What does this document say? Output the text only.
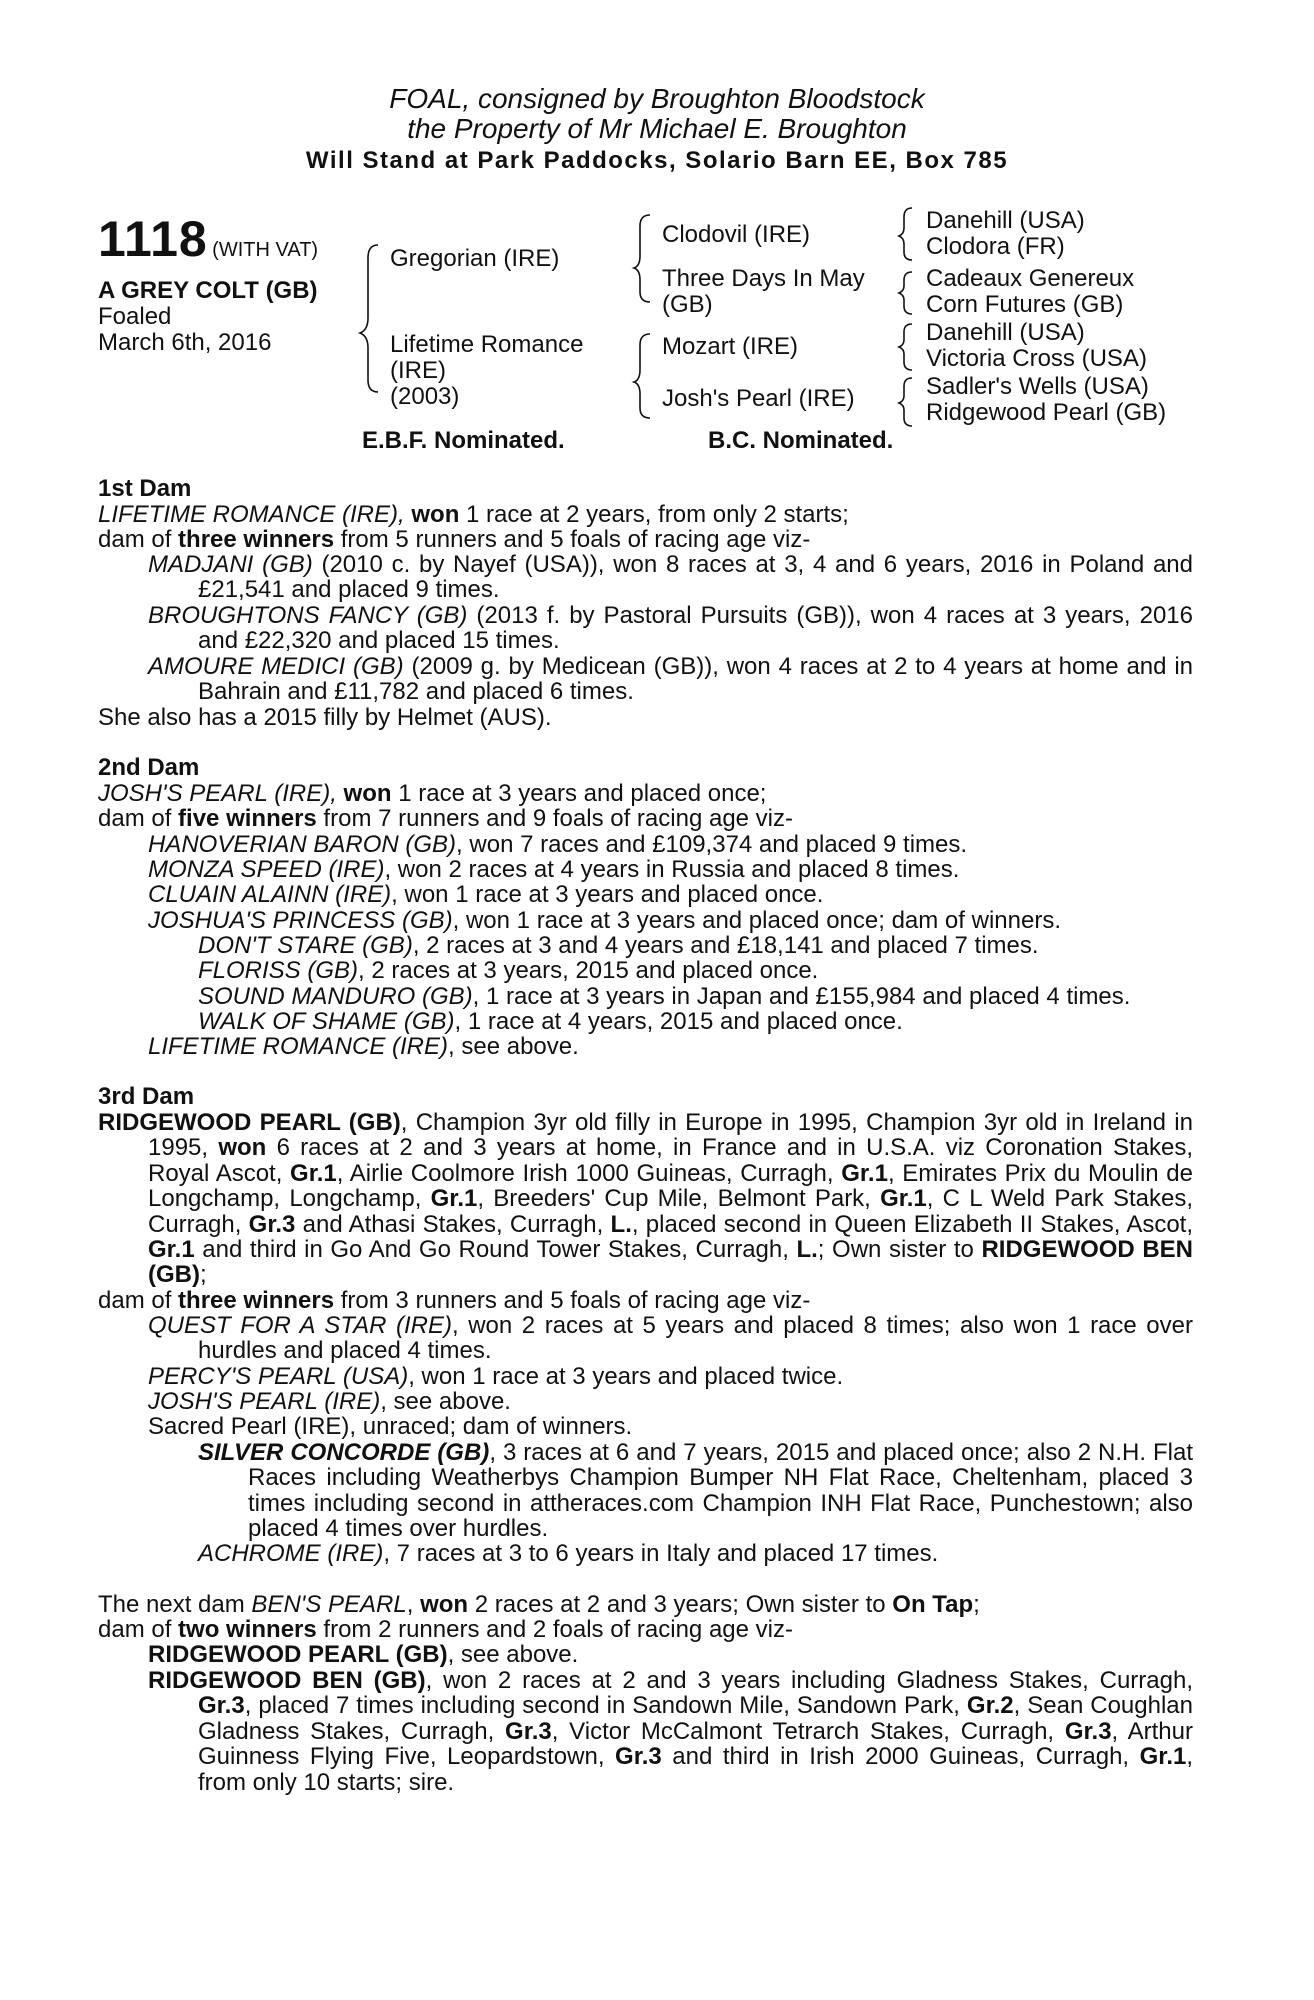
FOAL, consigned by Broughton Bloodstock
the Property of Mr Michael E. Broughton
Will Stand at Park Paddocks, Solario Barn EE, Box 785
1118 (WITH VAT)
A GREY COLT (GB)
Foaled
March 6th, 2016
Gregorian (IRE)
Lifetime Romance
(IRE)
(2003)
Clodovil (IRE)
Three Days In May
(GB)
Mozart (IRE)
Josh's Pearl (IRE)
Danehill (USA)
Clodora (FR)
Cadeaux Genereux
Corn Futures (GB)
Danehill (USA)
Victoria Cross (USA)
Sadler's Wells (USA)
Ridgewood Pearl (GB)
E.B.F. Nominated.	B.C. Nominated.
1st Dam
LIFETIME ROMANCE (IRE), won 1 race at 2 years, from only 2 starts;
dam of three winners from 5 runners and 5 foals of racing age viz-
MADJANI (GB) (2010 c. by Nayef (USA)), won 8 races at 3, 4 and 6 years, 2016 in Poland and £21,541 and placed 9 times.
BROUGHTONS FANCY (GB) (2013 f. by Pastoral Pursuits (GB)), won 4 races at 3 years, 2016 and £22,320 and placed 15 times.
AMOURE MEDICI (GB) (2009 g. by Medicean (GB)), won 4 races at 2 to 4 years at home and in Bahrain and £11,782 and placed 6 times.
She also has a 2015 filly by Helmet (AUS).
2nd Dam
JOSH'S PEARL (IRE), won 1 race at 3 years and placed once;
dam of five winners from 7 runners and 9 foals of racing age viz-
HANOVERIAN BARON (GB), won 7 races and £109,374 and placed 9 times.
MONZA SPEED (IRE), won 2 races at 4 years in Russia and placed 8 times.
CLUAIN ALAINN (IRE), won 1 race at 3 years and placed once.
JOSHUA'S PRINCESS (GB), won 1 race at 3 years and placed once; dam of winners.
DON'T STARE (GB), 2 races at 3 and 4 years and £18,141 and placed 7 times.
FLORISS (GB), 2 races at 3 years, 2015 and placed once.
SOUND MANDURO (GB), 1 race at 3 years in Japan and £155,984 and placed 4 times.
WALK OF SHAME (GB), 1 race at 4 years, 2015 and placed once.
LIFETIME ROMANCE (IRE), see above.
3rd Dam
RIDGEWOOD PEARL (GB), Champion 3yr old filly in Europe in 1995, Champion 3yr old in Ireland in 1995, won 6 races at 2 and 3 years at home, in France and in U.S.A. viz Coronation Stakes, Royal Ascot, Gr.1, Airlie Coolmore Irish 1000 Guineas, Curragh, Gr.1, Emirates Prix du Moulin de Longchamp, Longchamp, Gr.1, Breeders' Cup Mile, Belmont Park, Gr.1, C L Weld Park Stakes, Curragh, Gr.3 and Athasi Stakes, Curragh, L., placed second in Queen Elizabeth II Stakes, Ascot, Gr.1 and third in Go And Go Round Tower Stakes, Curragh, L.; Own sister to RIDGEWOOD BEN (GB);
dam of three winners from 3 runners and 5 foals of racing age viz-
QUEST FOR A STAR (IRE), won 2 races at 5 years and placed 8 times; also won 1 race over hurdles and placed 4 times.
PERCY'S PEARL (USA), won 1 race at 3 years and placed twice.
JOSH'S PEARL (IRE), see above.
Sacred Pearl (IRE), unraced; dam of winners.
SILVER CONCORDE (GB), 3 races at 6 and 7 years, 2015 and placed once; also 2 N.H. Flat Races including Weatherbys Champion Bumper NH Flat Race, Cheltenham, placed 3 times including second in attheraces.com Champion INH Flat Race, Punchestown; also placed 4 times over hurdles.
ACHROME (IRE), 7 races at 3 to 6 years in Italy and placed 17 times.
The next dam BEN'S PEARL, won 2 races at 2 and 3 years; Own sister to On Tap;
dam of two winners from 2 runners and 2 foals of racing age viz-
RIDGEWOOD PEARL (GB), see above.
RIDGEWOOD BEN (GB), won 2 races at 2 and 3 years including Gladness Stakes, Curragh, Gr.3, placed 7 times including second in Sandown Mile, Sandown Park, Gr.2, Sean Coughlan Gladness Stakes, Curragh, Gr.3, Victor McCalmont Tetrarch Stakes, Curragh, Gr.3, Arthur Guinness Flying Five, Leopardstown, Gr.3 and third in Irish 2000 Guineas, Curragh, Gr.1, from only 10 starts; sire.
